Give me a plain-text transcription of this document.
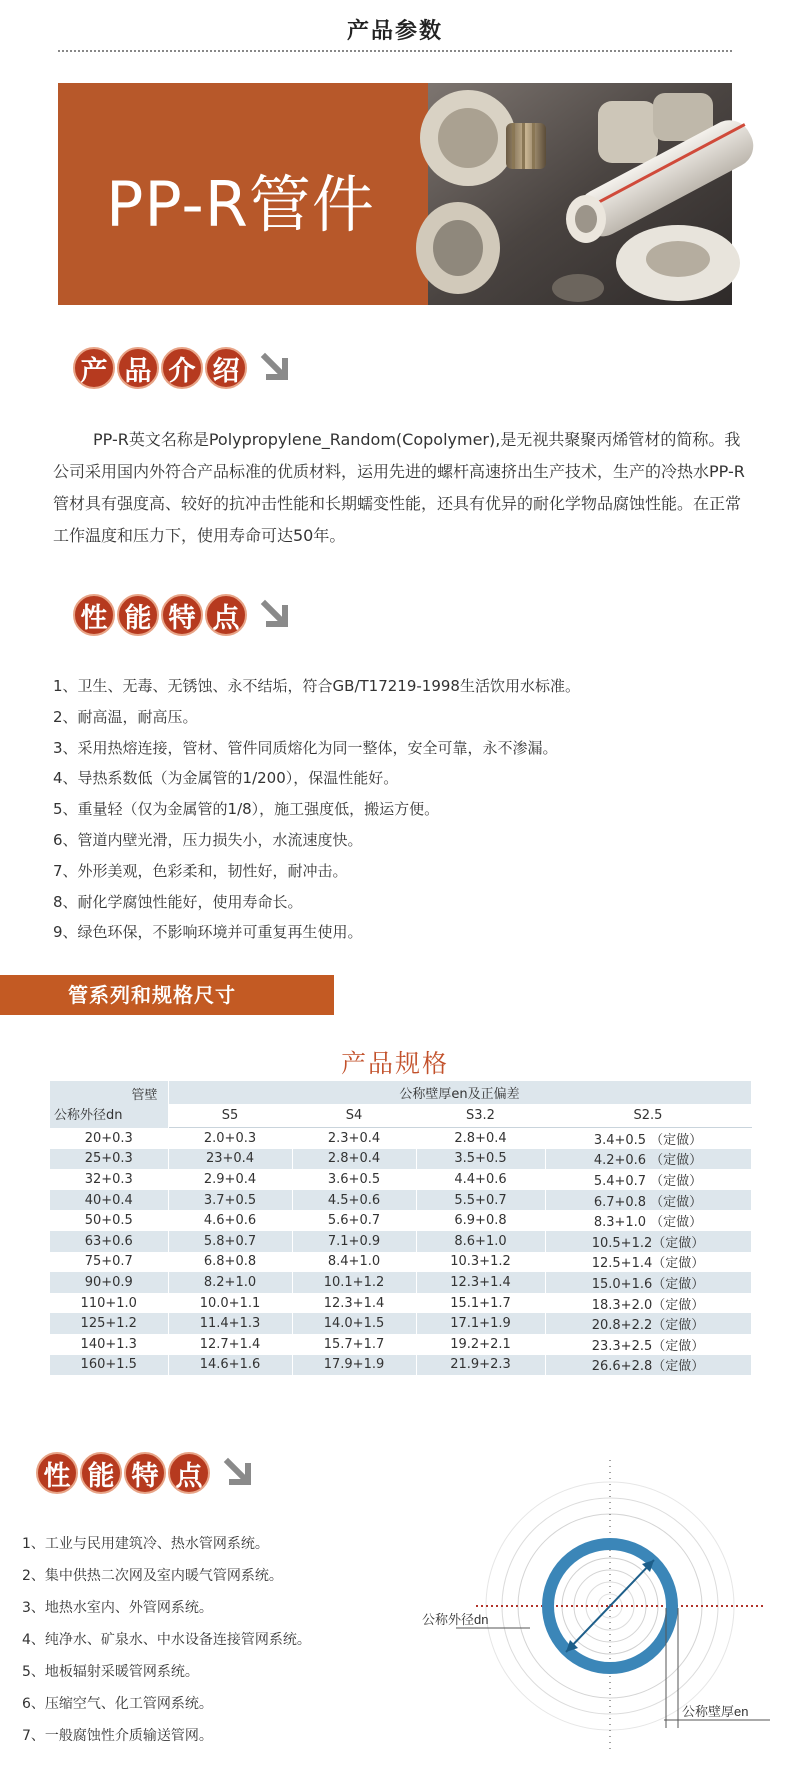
产品参数
PP-R管件
产 品 介 绍

PP-R英文名称是Polypropylene_Random(Copolymer),是无视共聚聚丙烯管材的简称。我公司采用国内外符合产品标准的优质材料，运用先进的螺杆高速挤出生产技术，生产的冷热水PP-R管材具有强度高、较好的抗冲击性能和长期蠕变性能，还具有优异的耐化学物品腐蚀性能。在正常工作温度和压力下，使用寿命可达50年。

性 能 特 点
1、卫生、无毒、无锈蚀、永不结垢，符合GB/T17219-1998生活饮用水标准。
2、耐高温，耐高压。
3、采用热熔连接，管材、管件同质熔化为同一整体，安全可靠，永不渗漏。
4、导热系数低（为金属管的1/200），保温性能好。
5、重量轻（仅为金属管的1/8），施工强度低，搬运方便。
6、管道内壁光滑，压力损失小，水流速度快。
7、外形美观，色彩柔和，韧性好，耐冲击。
8、耐化学腐蚀性能好，使用寿命长。
9、绿色环保，不影响环境并可重复再生使用。
管系列和规格尺寸
产品规格
管壁
公称外径dn	公称壁厚en及正偏差			
	S5	S4	S3.2	S2.5
20+0.3	2.0+0.3	2.3+0.4	2.8+0.4	3.4+0.5 （定做）
25+0.3	23+0.4	2.8+0.4	3.5+0.5	4.2+0.6 （定做）
32+0.3	2.9+0.4	3.6+0.5	4.4+0.6	5.4+0.7 （定做）
40+0.4	3.7+0.5	4.5+0.6	5.5+0.7	6.7+0.8 （定做）
50+0.5	4.6+0.6	5.6+0.7	6.9+0.8	8.3+1.0 （定做）
63+0.6	5.8+0.7	7.1+0.9	8.6+1.0	10.5+1.2（定做）
75+0.7	6.8+0.8	8.4+1.0	10.3+1.2	12.5+1.4（定做）
90+0.9	8.2+1.0	10.1+1.2	12.3+1.4	15.0+1.6（定做）
110+1.0	10.0+1.1	12.3+1.4	15.1+1.7	18.3+2.0（定做）
125+1.2	11.4+1.3	14.0+1.5	17.1+1.9	20.8+2.2（定做）
140+1.3	12.7+1.4	15.7+1.7	19.2+2.1	23.3+2.5（定做）
160+1.5	14.6+1.6	17.9+1.9	21.9+2.3	26.6+2.8（定做）
性 能 特 点
1、工业与民用建筑冷、热水管网系统。
2、集中供热二次网及室内暖气管网系统。
3、地热水室内、外管网系统。
4、纯净水、矿泉水、中水设备连接管网系统。
5、地板辐射采暖管网系统。
6、压缩空气、化工管网系统。
7、一般腐蚀性介质输送管网。
公称外径dn
公称壁厚en
